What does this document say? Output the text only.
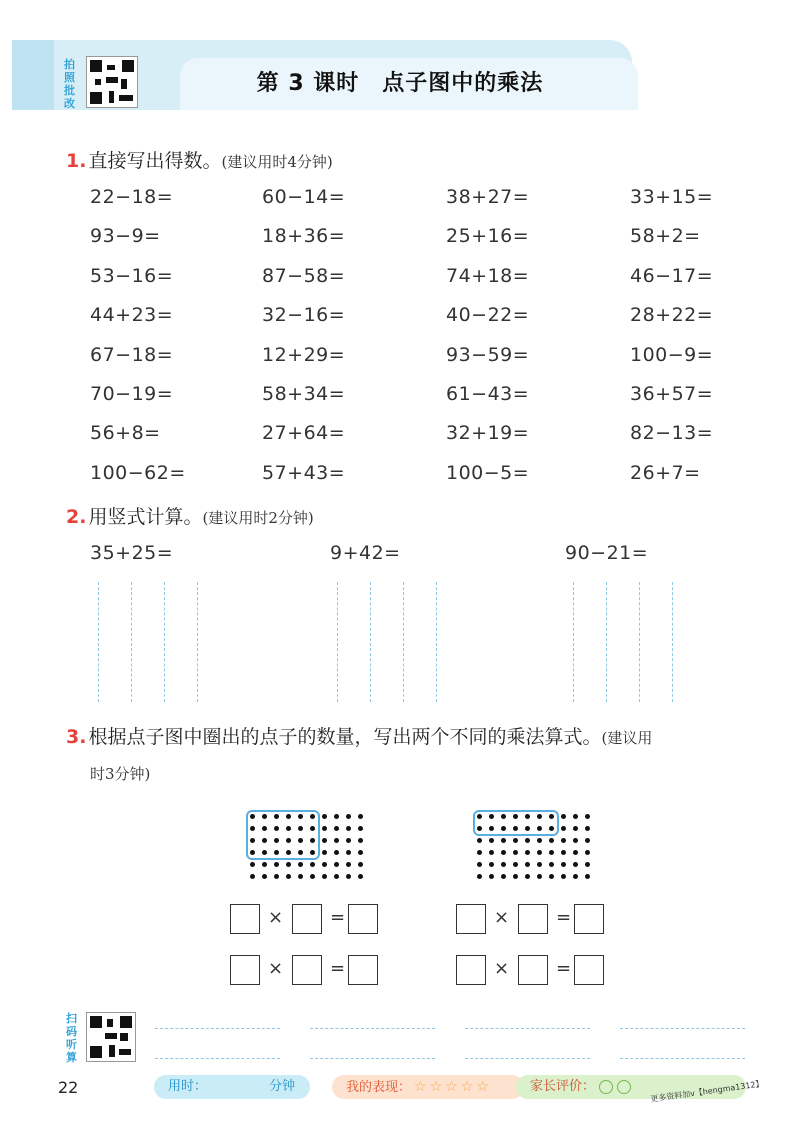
拍照批改
第 3 课时　点子图中的乘法
1. 直接写出得数。(建议用时4分钟)
22−18=	60−14=	38+27=	33+15=
93−9=	18+36=	25+16=	58+2=
53−16=	87−58=	74+18=	46−17=
44+23=	32−16=	40−22=	28+22=
67−18=	12+29=	93−59=	100−9=
70−19=	58+34=	61−43=	36+57=
56+8=	27+64=	32+19=	82−13=
100−62=	57+43=	100−5=	26+7=
2. 用竖式计算。(建议用时2分钟)
35+25=	9+42=	90−21=
3. 根据点子图中圈出的点子的数量，写出两个不同的乘法算式。(建议用
时3分钟)
×	=
×	=
×	=
×	=
扫码听算
22	用时：	分钟	我的表现： ☆ ☆ ☆ ☆ ☆	家长评价：	更多资料加v【hengma1312】
